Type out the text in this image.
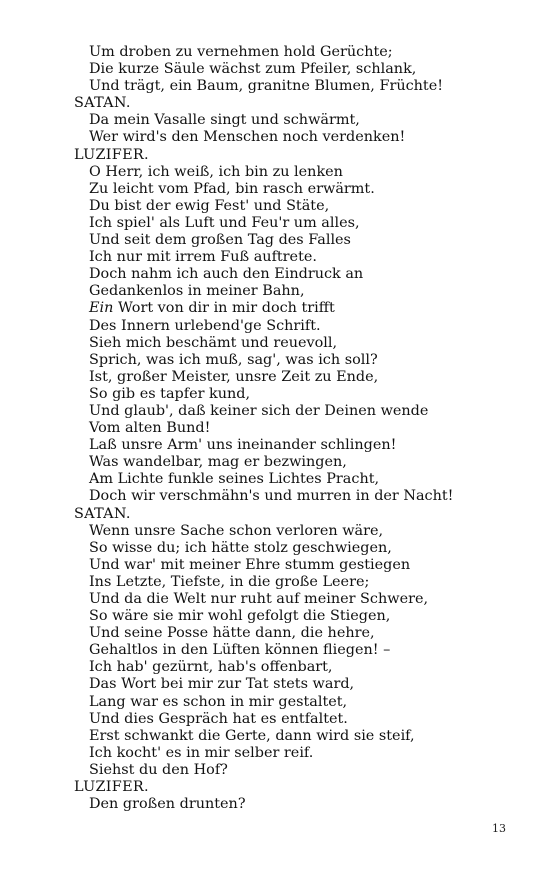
Um droben zu vernehmen hold Gerüchte;
Die kurze Säule wächst zum Pfeiler, schlank,
Und trägt, ein Baum, granitne Blumen, Früchte!
SATAN.
Da mein Vasalle singt und schwärmt,
Wer wird's den Menschen noch verdenken!
LUZIFER.
O Herr, ich weiß, ich bin zu lenken
Zu leicht vom Pfad, bin rasch erwärmt.
Du bist der ewig Fest' und Stäte,
Ich spiel' als Luft und Feu'r um alles,
Und seit dem großen Tag des Falles
Ich nur mit irrem Fuß auftrete.
Doch nahm ich auch den Eindruck an
Gedankenlos in meiner Bahn,
Ein Wort von dir in mir doch trifft
Des Innern urlebend'ge Schrift.
Sieh mich beschämt und reuevoll,
Sprich, was ich muß, sag', was ich soll?
Ist, großer Meister, unsre Zeit zu Ende,
So gib es tapfer kund,
Und glaub', daß keiner sich der Deinen wende
Vom alten Bund!
Laß unsre Arm' uns ineinander schlingen!
Was wandelbar, mag er bezwingen,
Am Lichte funkle seines Lichtes Pracht,
Doch wir verschmähn's und murren in der Nacht!
SATAN.
Wenn unsre Sache schon verloren wäre,
So wisse du; ich hätte stolz geschwiegen,
Und war' mit meiner Ehre stumm gestiegen
Ins Letzte, Tiefste, in die große Leere;
Und da die Welt nur ruht auf meiner Schwere,
So wäre sie mir wohl gefolgt die Stiegen,
Und seine Posse hätte dann, die hehre,
Gehaltlos in den Lüften können fliegen! –
Ich hab' gezürnt, hab's offenbart,
Das Wort bei mir zur Tat stets ward,
Lang war es schon in mir gestaltet,
Und dies Gespräch hat es entfaltet.
Erst schwankt die Gerte, dann wird sie steif,
Ich kocht' es in mir selber reif.
Siehst du den Hof?
LUZIFER.
Den großen drunten?
13
